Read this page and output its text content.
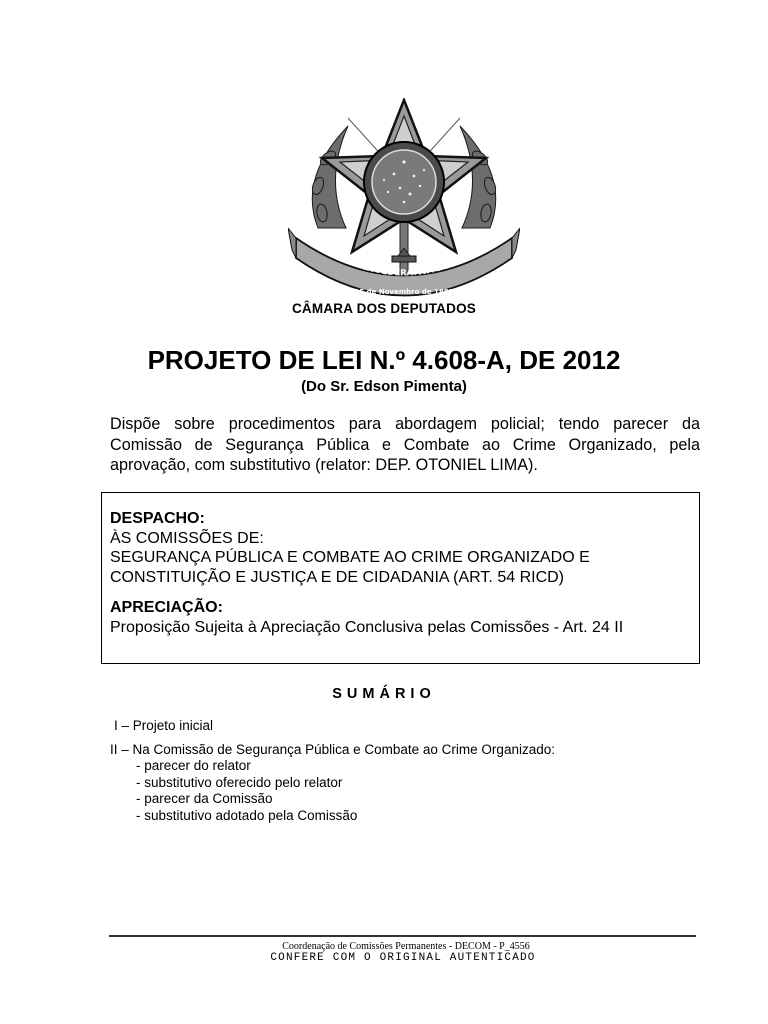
REPÚBLICA FEDERATIVA DO BRASIL
15 de Novembro de 1889
CÂMARA DOS DEPUTADOS
PROJETO DE LEI N.º 4.608-A, DE 2012
(Do Sr. Edson Pimenta)
Dispõe sobre procedimentos para abordagem policial; tendo parecer da Comissão de Segurança Pública e Combate ao Crime Organizado, pela aprovação, com substitutivo (relator: DEP. OTONIEL LIMA).
DESPACHO:
ÀS COMISSÕES DE:
SEGURANÇA PÚBLICA E COMBATE AO CRIME ORGANIZADO E
CONSTITUIÇÃO E JUSTIÇA E DE CIDADANIA (ART. 54 RICD)
APRECIAÇÃO:
Proposição Sujeita à Apreciação Conclusiva pelas Comissões - Art. 24 II
SUMÁRIO
I – Projeto inicial
II – Na Comissão de Segurança Pública e Combate ao Crime Organizado:
- parecer do relator
- substitutivo oferecido pelo relator
- parecer da Comissão
- substitutivo adotado pela Comissão
Coordenação de Comissões Permanentes - DECOM - P_4556
CONFERE COM O ORIGINAL AUTENTICADO
